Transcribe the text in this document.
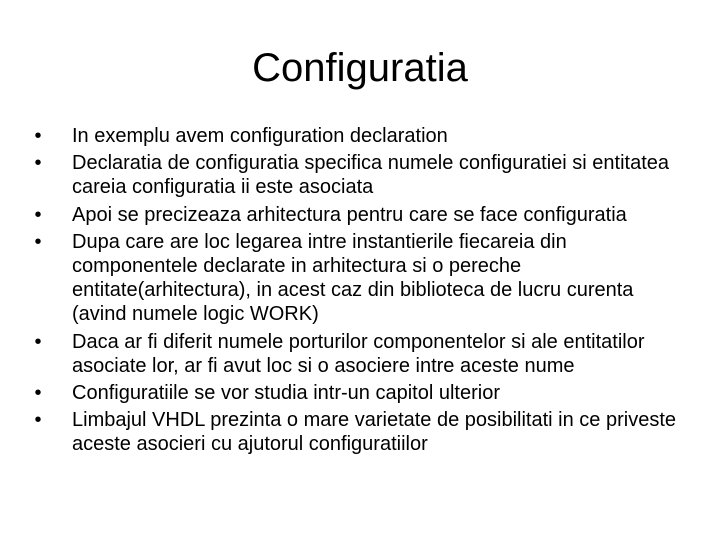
Configuratia
• In exemplu avem configuration declaration
• Declaratia de configuratia specifica numele configuratiei si entitatea careia configuratia ii este asociata
• Apoi se precizeaza arhitectura pentru care se face configuratia
• Dupa care are loc legarea intre instantierile fiecareia din componentele declarate in arhitectura si o pereche entitate(arhitectura), in acest caz din biblioteca de lucru curenta (avind numele logic WORK)
• Daca ar fi diferit numele porturilor componentelor si ale entitatilor asociate lor, ar fi avut loc si o asociere intre aceste nume
• Configuratiile se vor studia intr-un capitol ulterior
• Limbajul VHDL prezinta o mare varietate de posibilitati in ce priveste aceste asocieri cu ajutorul configuratiilor
